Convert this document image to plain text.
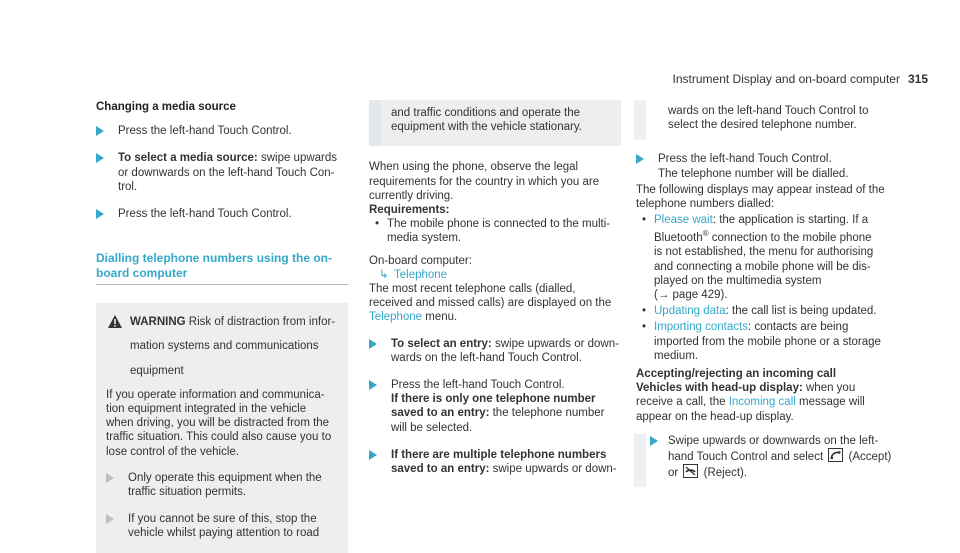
Instrument Display and on-board computer 315

Changing a media source

Press the left-hand Touch Control.

To select a media source: swipe upwards

or downwards on the left-hand Touch Con-

trol.

Press the left-hand Touch Control.

Dialling telephone numbers using the on-
board computer

WARNING Risk of distraction from infor-

mation systems and communications

equipment

If you operate information and communica-

tion equipment integrated in the vehicle

when driving, you will be distracted from the

traffic situation. This could also cause you to

lose control of the vehicle.

Only operate this equipment when the

traffic situation permits.

If you cannot be sure of this, stop the

vehicle whilst paying attention to road

and traffic conditions and operate the

equipment with the vehicle stationary.

When using the phone, observe the legal

requirements for the country in which you are

currently driving.

Requirements:

• The mobile phone is connected to the multi-

media system.

On-board computer:

↳ Telephone

The most recent telephone calls (dialled,

received and missed calls) are displayed on the

Telephone menu.

To select an entry: swipe upwards or down-

wards on the left-hand Touch Control.

Press the left-hand Touch Control.

If there is only one telephone number

saved to an entry: the telephone number

will be selected.

If there are multiple telephone numbers

saved to an entry: swipe upwards or down-

wards on the left-hand Touch Control to

select the desired telephone number.

Press the left-hand Touch Control.

The telephone number will be dialled.

The following displays may appear instead of the

telephone numbers dialled:

• Please wait: the application is starting. If a

Bluetooth® connection to the mobile phone

is not established, the menu for authorising

and connecting a mobile phone will be dis-

played on the multimedia system

(→ page 429).

• Updating data: the call list is being updated.

• Importing contacts: contacts are being

imported from the mobile phone or a storage

medium.

Accepting/rejecting an incoming call

Vehicles with head-up display: when you

receive a call, the Incoming call message will

appear on the head-up display.

Swipe upwards or downwards on the left-

hand Touch Control and select
(Accept)

or
(Reject).
